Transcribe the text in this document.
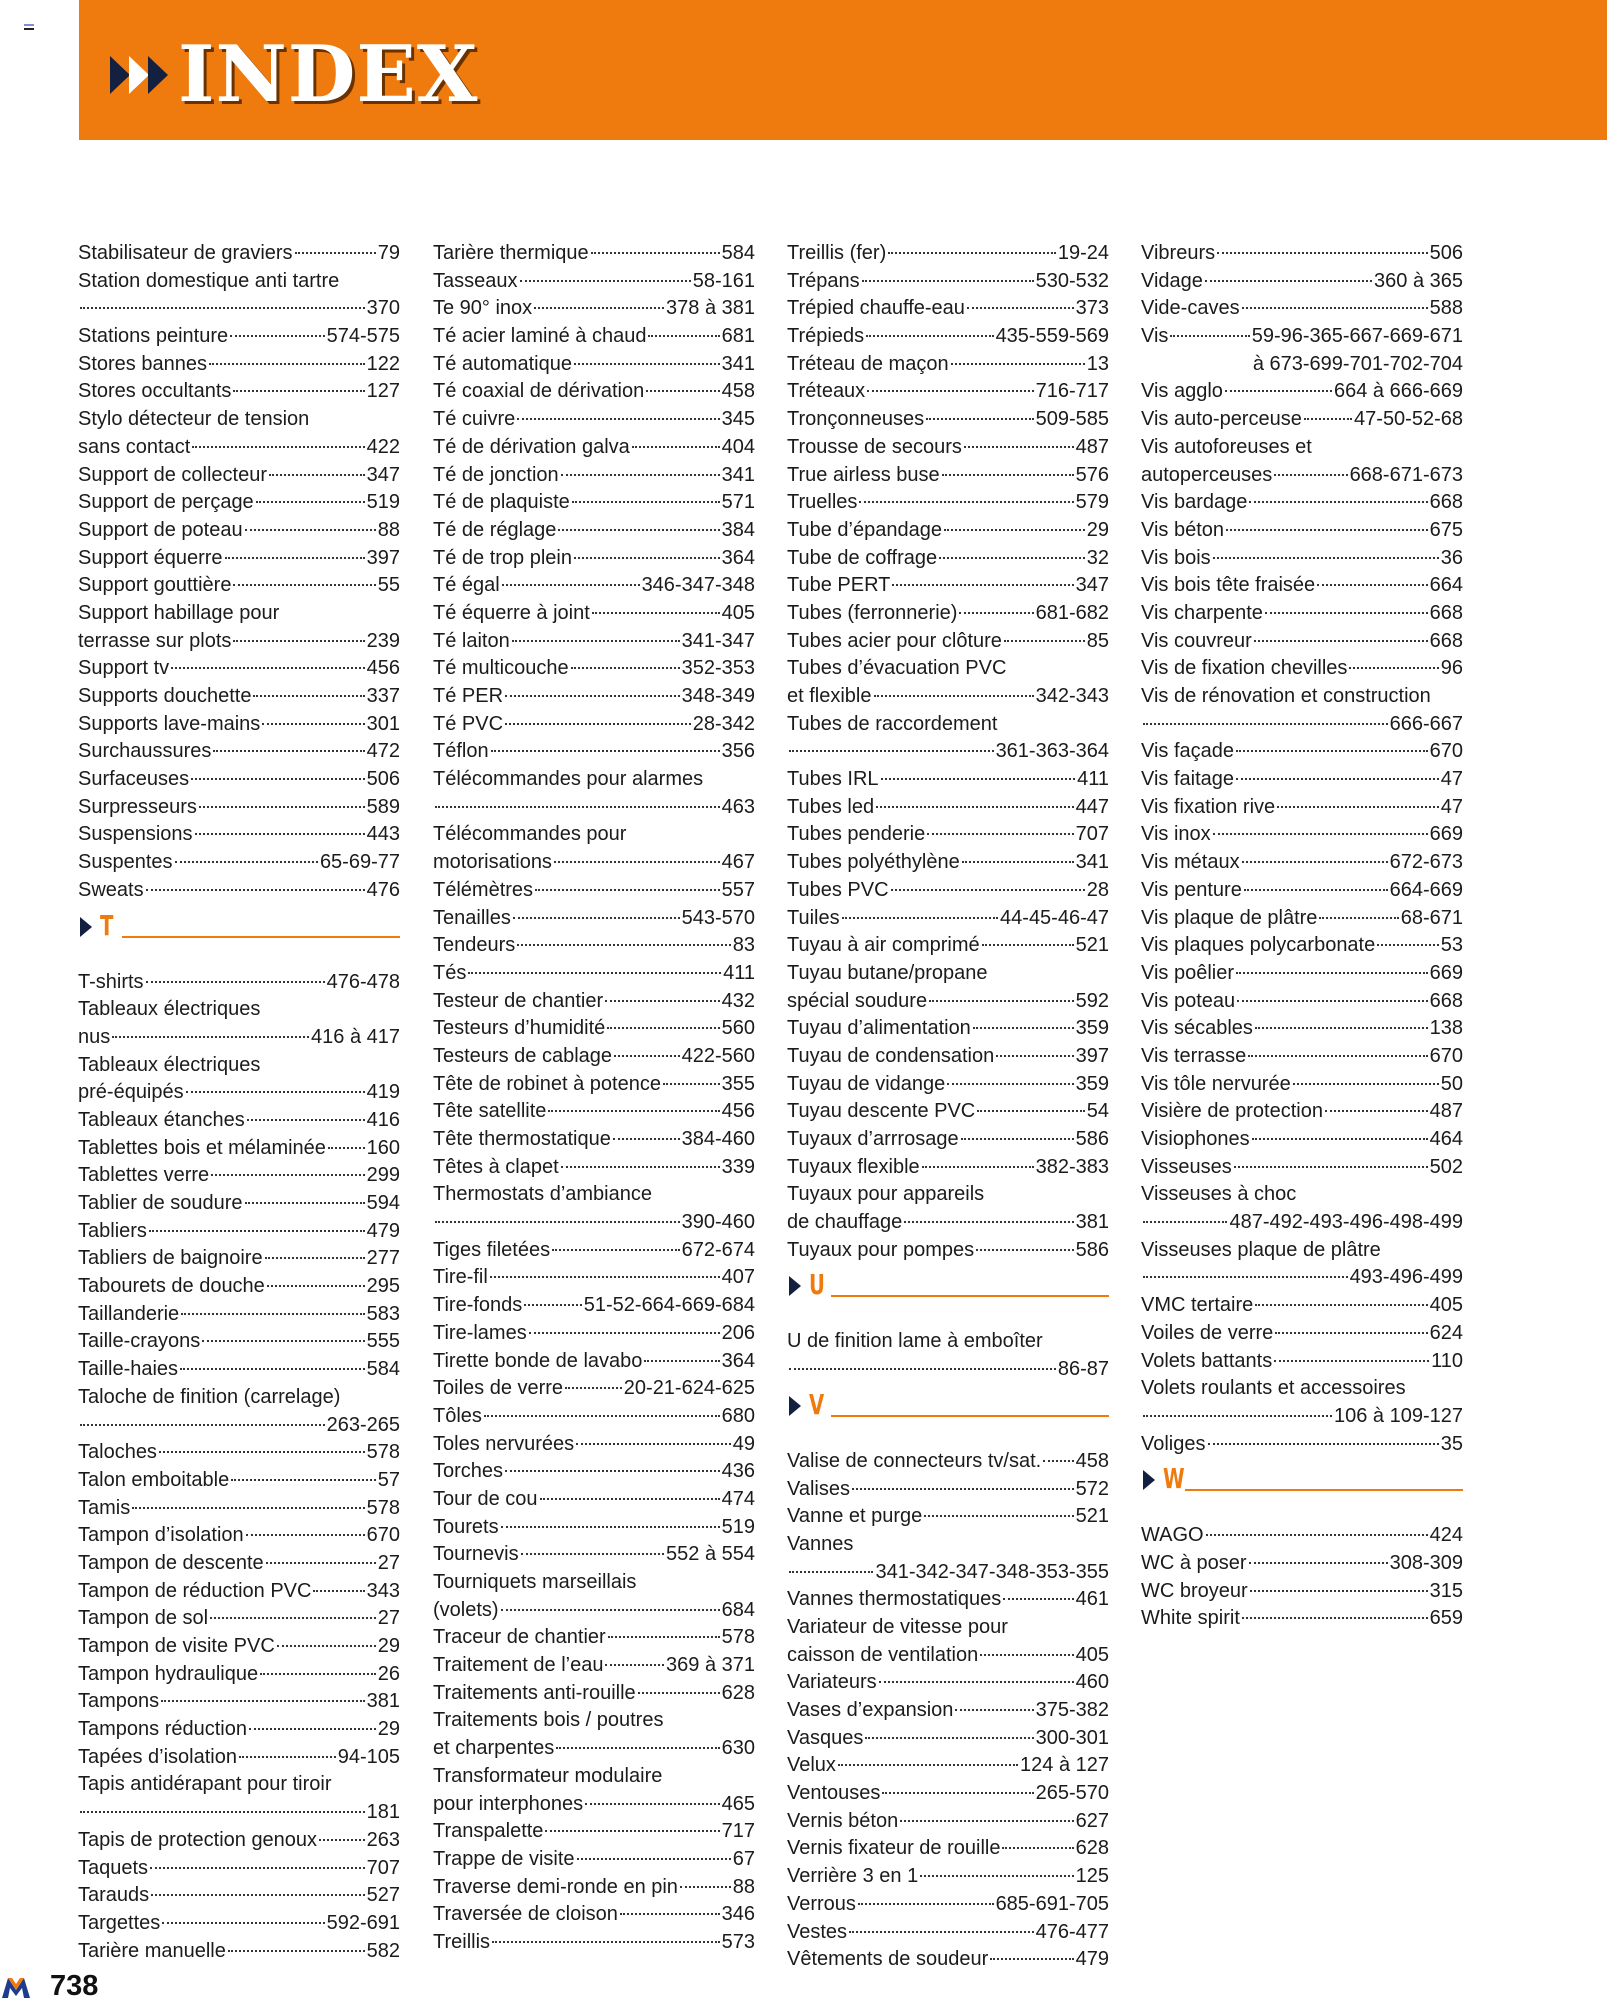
INDEX
Stabilisateur de graviers	79
Station domestique anti tartre
370
Stations peinture	574-575
Stores bannes	122
Stores occultants	127
Stylo détecteur de tension
sans contact	422
Support de collecteur	347
Support de perçage	519
Support de poteau	88
Support équerre	397
Support gouttière	55
Support habillage pour
terrasse sur plots	239
Support tv	456
Supports douchette	337
Supports lave-mains	301
Surchaussures	472
Surfaceuses	506
Surpresseurs	589
Suspensions	443
Suspentes	65-69-77
Sweats	476
T
T-shirts	476-478
Tableaux électriques
nus	416 à 417
Tableaux électriques
pré-équipés	419
Tableaux étanches	416
Tablettes bois et mélaminée 160
Tablettes verre	299
Tablier de soudure	594
Tabliers	479
Tabliers de baignoire	277
Tabourets de douche	295
Taillanderie	583
Taille-crayons	555
Taille-haies	584
Taloche de finition (carrelage)
263-265
Taloches	578
Talon emboitable	57
Tamis	578
Tampon d’isolation	670
Tampon de descente	27
Tampon de réduction PVC	343
Tampon de sol	27
Tampon de visite PVC	29
Tampon hydraulique	26
Tampons	381
Tampons réduction	29
Tapées d’isolation	94-105
Tapis antidérapant pour tiroir
181
Tapis de protection genoux 263
Taquets	707
Tarauds	527
Targettes	592-691
Tarière manuelle	582
Tarière thermique	584
Tasseaux	58-161
Te 90° inox	378 à 381
Té acier laminé à chaud	681
Té automatique	341
Té coaxial de dérivation	458
Té cuivre	345
Té de dérivation galva	404
Té de jonction	341
Té de plaquiste	571
Té de réglage	384
Té de trop plein	364
Té égal	346-347-348
Té équerre à joint	405
Té laiton	341-347
Té multicouche	352-353
Té PER	348-349
Té PVC	28-342
Téflon	356
Télécommandes pour alarmes
463
Télécommandes pour
motorisations	467
Télémètres	557
Tenailles	543-570
Tendeurs	83
Tés	411
Testeur de chantier	432
Testeurs d’humidité	560
Testeurs de cablage	422-560
Tête de robinet à potence	355
Tête satellite	456
Tête thermostatique	384-460
Têtes à clapet	339
Thermostats d’ambiance
390-460
Tiges filetées	672-674
Tire-fil	407
Tire-fonds	51-52-664-669-684
Tire-lames	206
Tirette bonde de lavabo	364
Toiles de verre	20-21-624-625
Tôles	680
Toles nervurées	49
Torches	436
Tour de cou	474
Tourets	519
Tournevis	552 à 554
Tourniquets marseillais
(volets)	684
Traceur de chantier	578
Traitement de l’eau	369 à 371
Traitements anti-rouille	628
Traitements bois / poutres
et charpentes	630
Transformateur modulaire
pour interphones	465
Transpalette	717
Trappe de visite	67
Traverse demi-ronde en pin	88
Traversée de cloison	346
Treillis	573
Treillis (fer)	19-24
Trépans	530-532
Trépied chauffe-eau	373
Trépieds	435-559-569
Tréteau de maçon	13
Tréteaux	716-717
Tronçonneuses	509-585
Trousse de secours	487
True airless buse	576
Truelles	579
Tube d’épandage	29
Tube de coffrage	32
Tube PERT	347
Tubes (ferronnerie)	681-682
Tubes acier pour clôture	85
Tubes d’évacuation PVC
et flexible	342-343
Tubes de raccordement
361-363-364
Tubes IRL	411
Tubes led	447
Tubes penderie	707
Tubes polyéthylène	341
Tubes PVC	28
Tuiles	44-45-46-47
Tuyau à air comprimé	521
Tuyau butane/propane
spécial soudure	592
Tuyau d’alimentation	359
Tuyau de condensation	397
Tuyau de vidange	359
Tuyau descente PVC	54
Tuyaux d’arrrosage	586
Tuyaux flexible	382-383
Tuyaux pour appareils
de chauffage	381
Tuyaux pour pompes	586
U
U de finition lame à emboîter
86-87
V
Valise de connecteurs tv/sat. 458
Valises	572
Vanne et purge	521
Vannes
341-342-347-348-353-355
Vannes thermostatiques	461
Variateur de vitesse pour
caisson de ventilation	405
Variateurs	460
Vases d’expansion	375-382
Vasques	300-301
Velux	124 à 127
Ventouses	265-570
Vernis béton	627
Vernis fixateur de rouille	628
Verrière 3 en 1	125
Verrous	685-691-705
Vestes	476-477
Vêtements de soudeur	479
Vibreurs	506
Vidage	360 à 365
Vide-caves	588
Vis	59-96-365-667-669-671
à 673-699-701-702-704
Vis agglo	664 à 666-669
Vis auto-perceuse	47-50-52-68
Vis autoforeuses et
autoperceuses	668-671-673
Vis bardage	668
Vis béton	675
Vis bois	36
Vis bois tête fraisée	664
Vis charpente	668
Vis couvreur	668
Vis de fixation chevilles	96
Vis de rénovation et construction
666-667
Vis façade	670
Vis faitage	47
Vis fixation rive	47
Vis inox	669
Vis métaux	672-673
Vis penture	664-669
Vis plaque de plâtre	68-671
Vis plaques polycarbonate	53
Vis poêlier	669
Vis poteau	668
Vis sécables	138
Vis terrasse	670
Vis tôle nervurée	50
Visière de protection	487
Visiophones	464
Visseuses	502
Visseuses à choc
487-492-493-496-498-499
Visseuses plaque de plâtre
493-496-499
VMC tertaire	405
Voiles de verre	624
Volets battants	110
Volets roulants et accessoires
106 à 109-127
Voliges	35
W
WAGO	424
WC à poser	308-309
WC broyeur	315
White spirit	659
738
